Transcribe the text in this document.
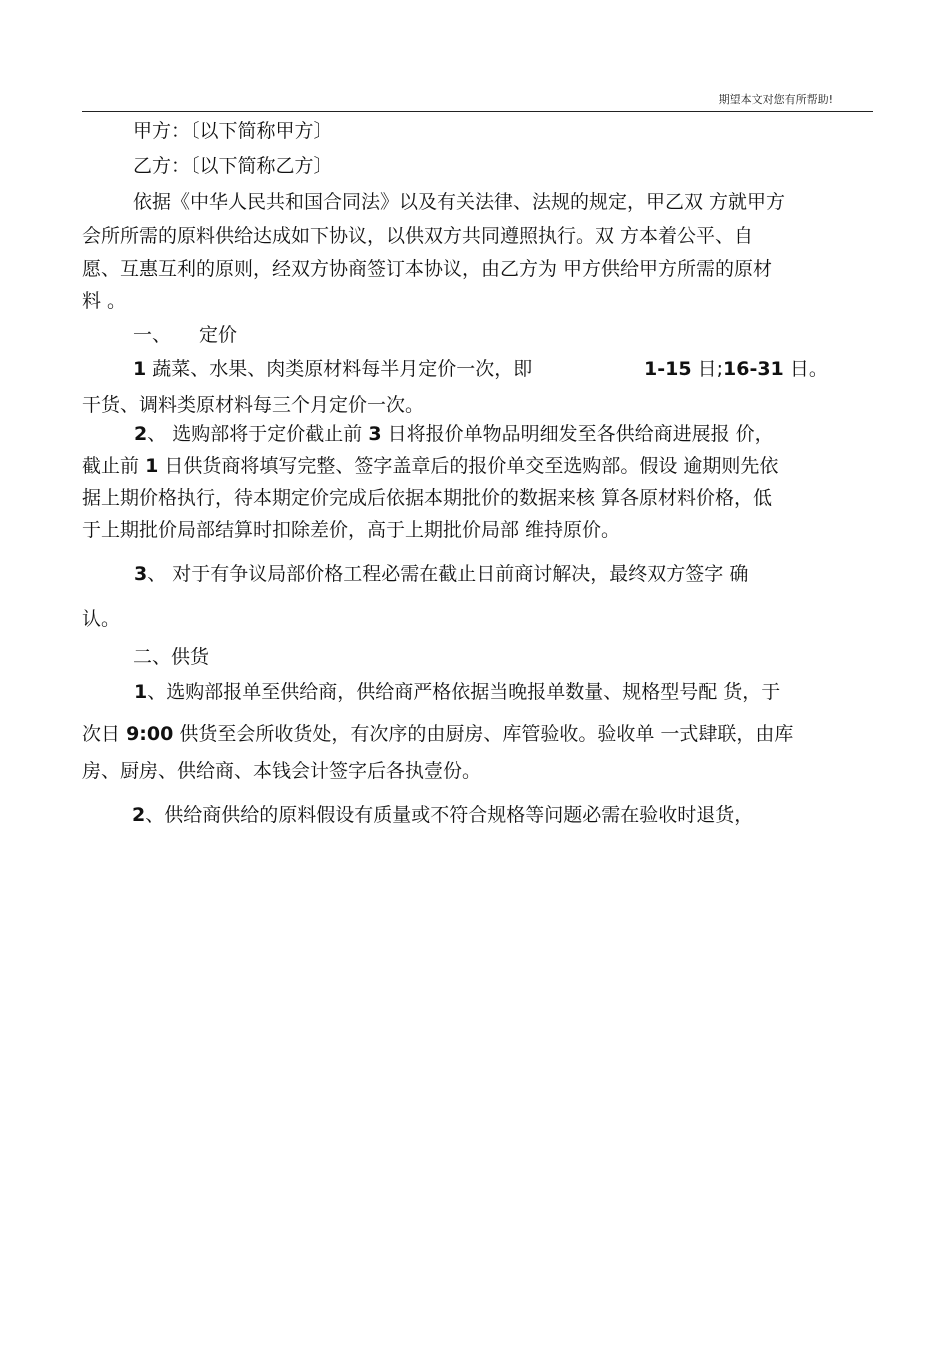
期望本文对您有所帮助!
甲方：〔以下简称甲方〕
乙方：〔以下简称乙方〕
依据《中华人民共和国合同法》以及有关法律、法规的规定，甲乙双 方就甲方
会所所需的原料供给达成如下协议，以供双方共同遵照执行。双 方本着公平、自
愿、互惠互利的原则，经双方协商签订本协议，由乙方为 甲方供给甲方所需的原材
料 。
一、 定价
1 蔬菜、水果、肉类原材料每半月定价一次，即	1-15 日;16-31 日。
干货、调料类原材料每三个月定价一次。
2、 选购部将于定价截止前 3 日将报价单物品明细发至各供给商进展报 价，
截止前 1 日供货商将填写完整、签字盖章后的报价单交至选购部。假设 逾期则先依
据上期价格执行，待本期定价完成后依据本期批价的数据来核 算各原材料价格，低
于上期批价局部结算时扣除差价，高于上期批价局部 维持原价。
3、 对于有争议局部价格工程必需在截止日前商讨解决，最终双方签字 确
认。
二、供货
1、选购部报单至供给商，供给商严格依据当晚报单数量、规格型号配 货，于
次日 9:00 供货至会所收货处，有次序的由厨房、库管验收。验收单 一式肆联，由库
房、厨房、供给商、本钱会计签字后各执壹份。
2、供给商供给的原料假设有质量或不符合规格等问题必需在验收时退货，
